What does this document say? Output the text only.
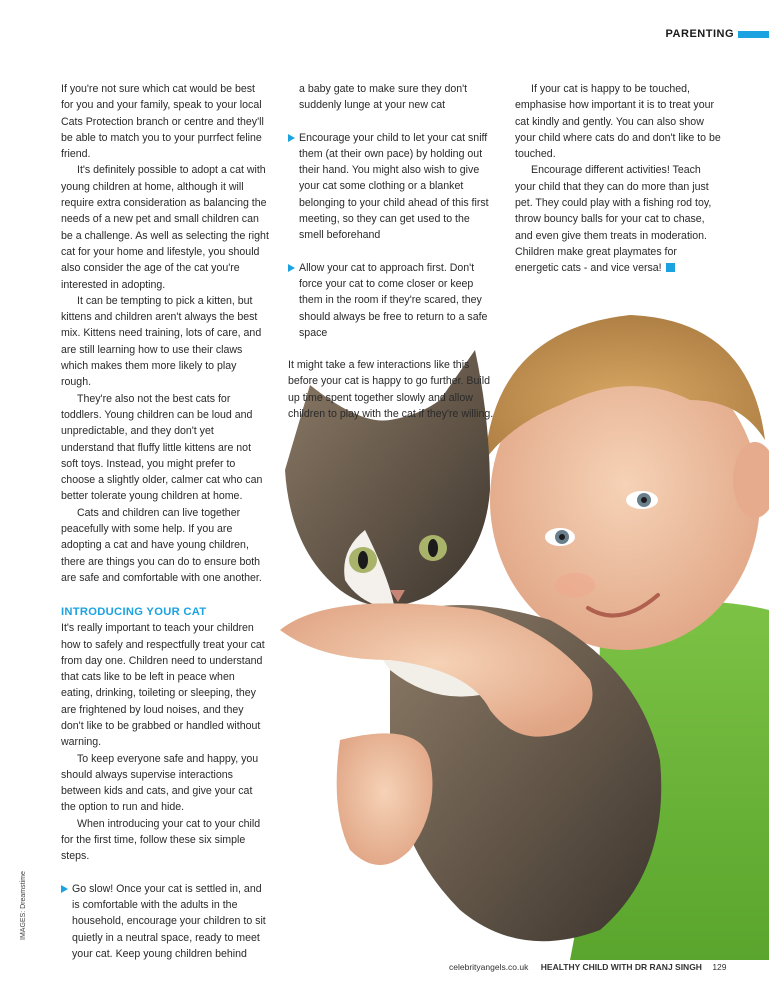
PARENTING

If you're not sure which cat would be best for you and your family, speak to your local Cats Protection branch or centre and they'll be able to match you to your purrfect feline friend.

It's definitely possible to adopt a cat with young children at home, although it will require extra consideration as balancing the needs of a new pet and small children can be a challenge. As well as selecting the right cat for your home and lifestyle, you should also consider the age of the cat you're interested in adopting.

It can be tempting to pick a kitten, but kittens and children aren't always the best mix. Kittens need training, lots of care, and are still learning how to use their claws which makes them more likely to play rough.

They're also not the best cats for toddlers. Young children can be loud and unpredictable, and they don't yet understand that fluffy little kittens are not soft toys. Instead, you might prefer to choose a slightly older, calmer cat who can better tolerate young children at home.

Cats and children can live together peacefully with some help. If you are adopting a cat and have young children, there are things you can do to ensure both are safe and comfortable with one another.

INTRODUCING YOUR CAT

It's really important to teach your children how to safely and respectfully treat your cat from day one. Children need to understand that cats like to be left in peace when eating, drinking, toileting or sleeping, they are frightened by loud noises, and they don't like to be grabbed or handled without warning.

To keep everyone safe and happy, you should always supervise interactions between kids and cats, and give your cat the option to run and hide.

When introducing your cat to your child for the first time, follow these six simple steps.

Go slow! Once your cat is settled in, and is comfortable with the adults in the household, encourage your children to sit quietly in a neutral space, ready to meet your cat. Keep young children behind
a baby gate to make sure they don't suddenly lunge at your new cat
Encourage your child to let your cat sniff them (at their own pace) by holding out their hand. You might also wish to give your cat some clothing or a blanket belonging to your child ahead of this first meeting, so they can get used to the smell beforehand
Allow your cat to approach first. Don't force your cat to come closer or keep them in the room if they're scared, they should always be free to return to a safe space

It might take a few interactions like this before your cat is happy to go further. Build up time spent together slowly and allow children to play with the cat if they're willing.

If your cat is happy to be touched, emphasise how important it is to treat your cat kindly and gently. You can also show your child where cats do and don't like to be touched.

Encourage different activities! Teach your child that they can do more than just pet. They could play with a fishing rod toy, throw bouncy balls for your cat to chase, and even give them treats in moderation. Children make great playmates for energetic cats - and vice versa!

IMAGES: Dreamstime
celebrityangels.co.uk HEALTHY CHILD WITH DR RANJ SINGH 129
